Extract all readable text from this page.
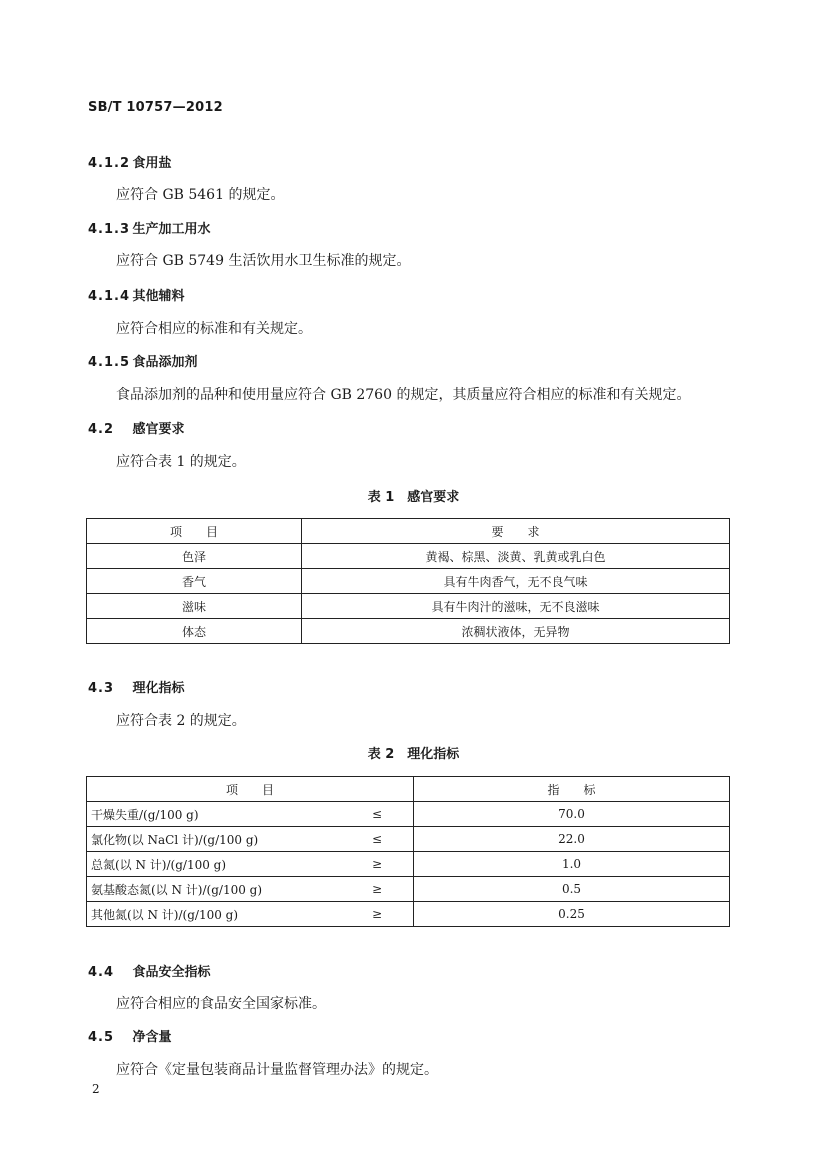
SB/T 10757—2012
4.1.2 食用盐
应符合 GB 5461 的规定。
4.1.3 生产加工用水
应符合 GB 5749 生活饮用水卫生标准的规定。
4.1.4 其他辅料
应符合相应的标准和有关规定。
4.1.5 食品添加剂
食品添加剂的品种和使用量应符合 GB 2760 的规定，其质量应符合相应的标准和有关规定。
4.2 感官要求
应符合表 1 的规定。
表 1　感官要求
项　　目	要　　求
色泽	黄褐、棕黑、淡黄、乳黄或乳白色
香气	具有牛肉香气，无不良气味
滋味	具有牛肉汁的滋味，无不良滋味
体态	浓稠状液体，无异物
4.3 理化指标
应符合表 2 的规定。
表 2　理化指标
项　　目		指　　标
干燥失重/(g/100 g)	≤	70.0
氯化物(以 NaCl 计)/(g/100 g)	≤	22.0
总氮(以 N 计)/(g/100 g)	≥	1.0
氨基酸态氮(以 N 计)/(g/100 g)	≥	0.5
其他氮(以 N 计)/(g/100 g)	≥	0.25
4.4 食品安全指标
应符合相应的食品安全国家标准。
4.5 净含量
应符合《定量包装商品计量监督管理办法》的规定。
2
